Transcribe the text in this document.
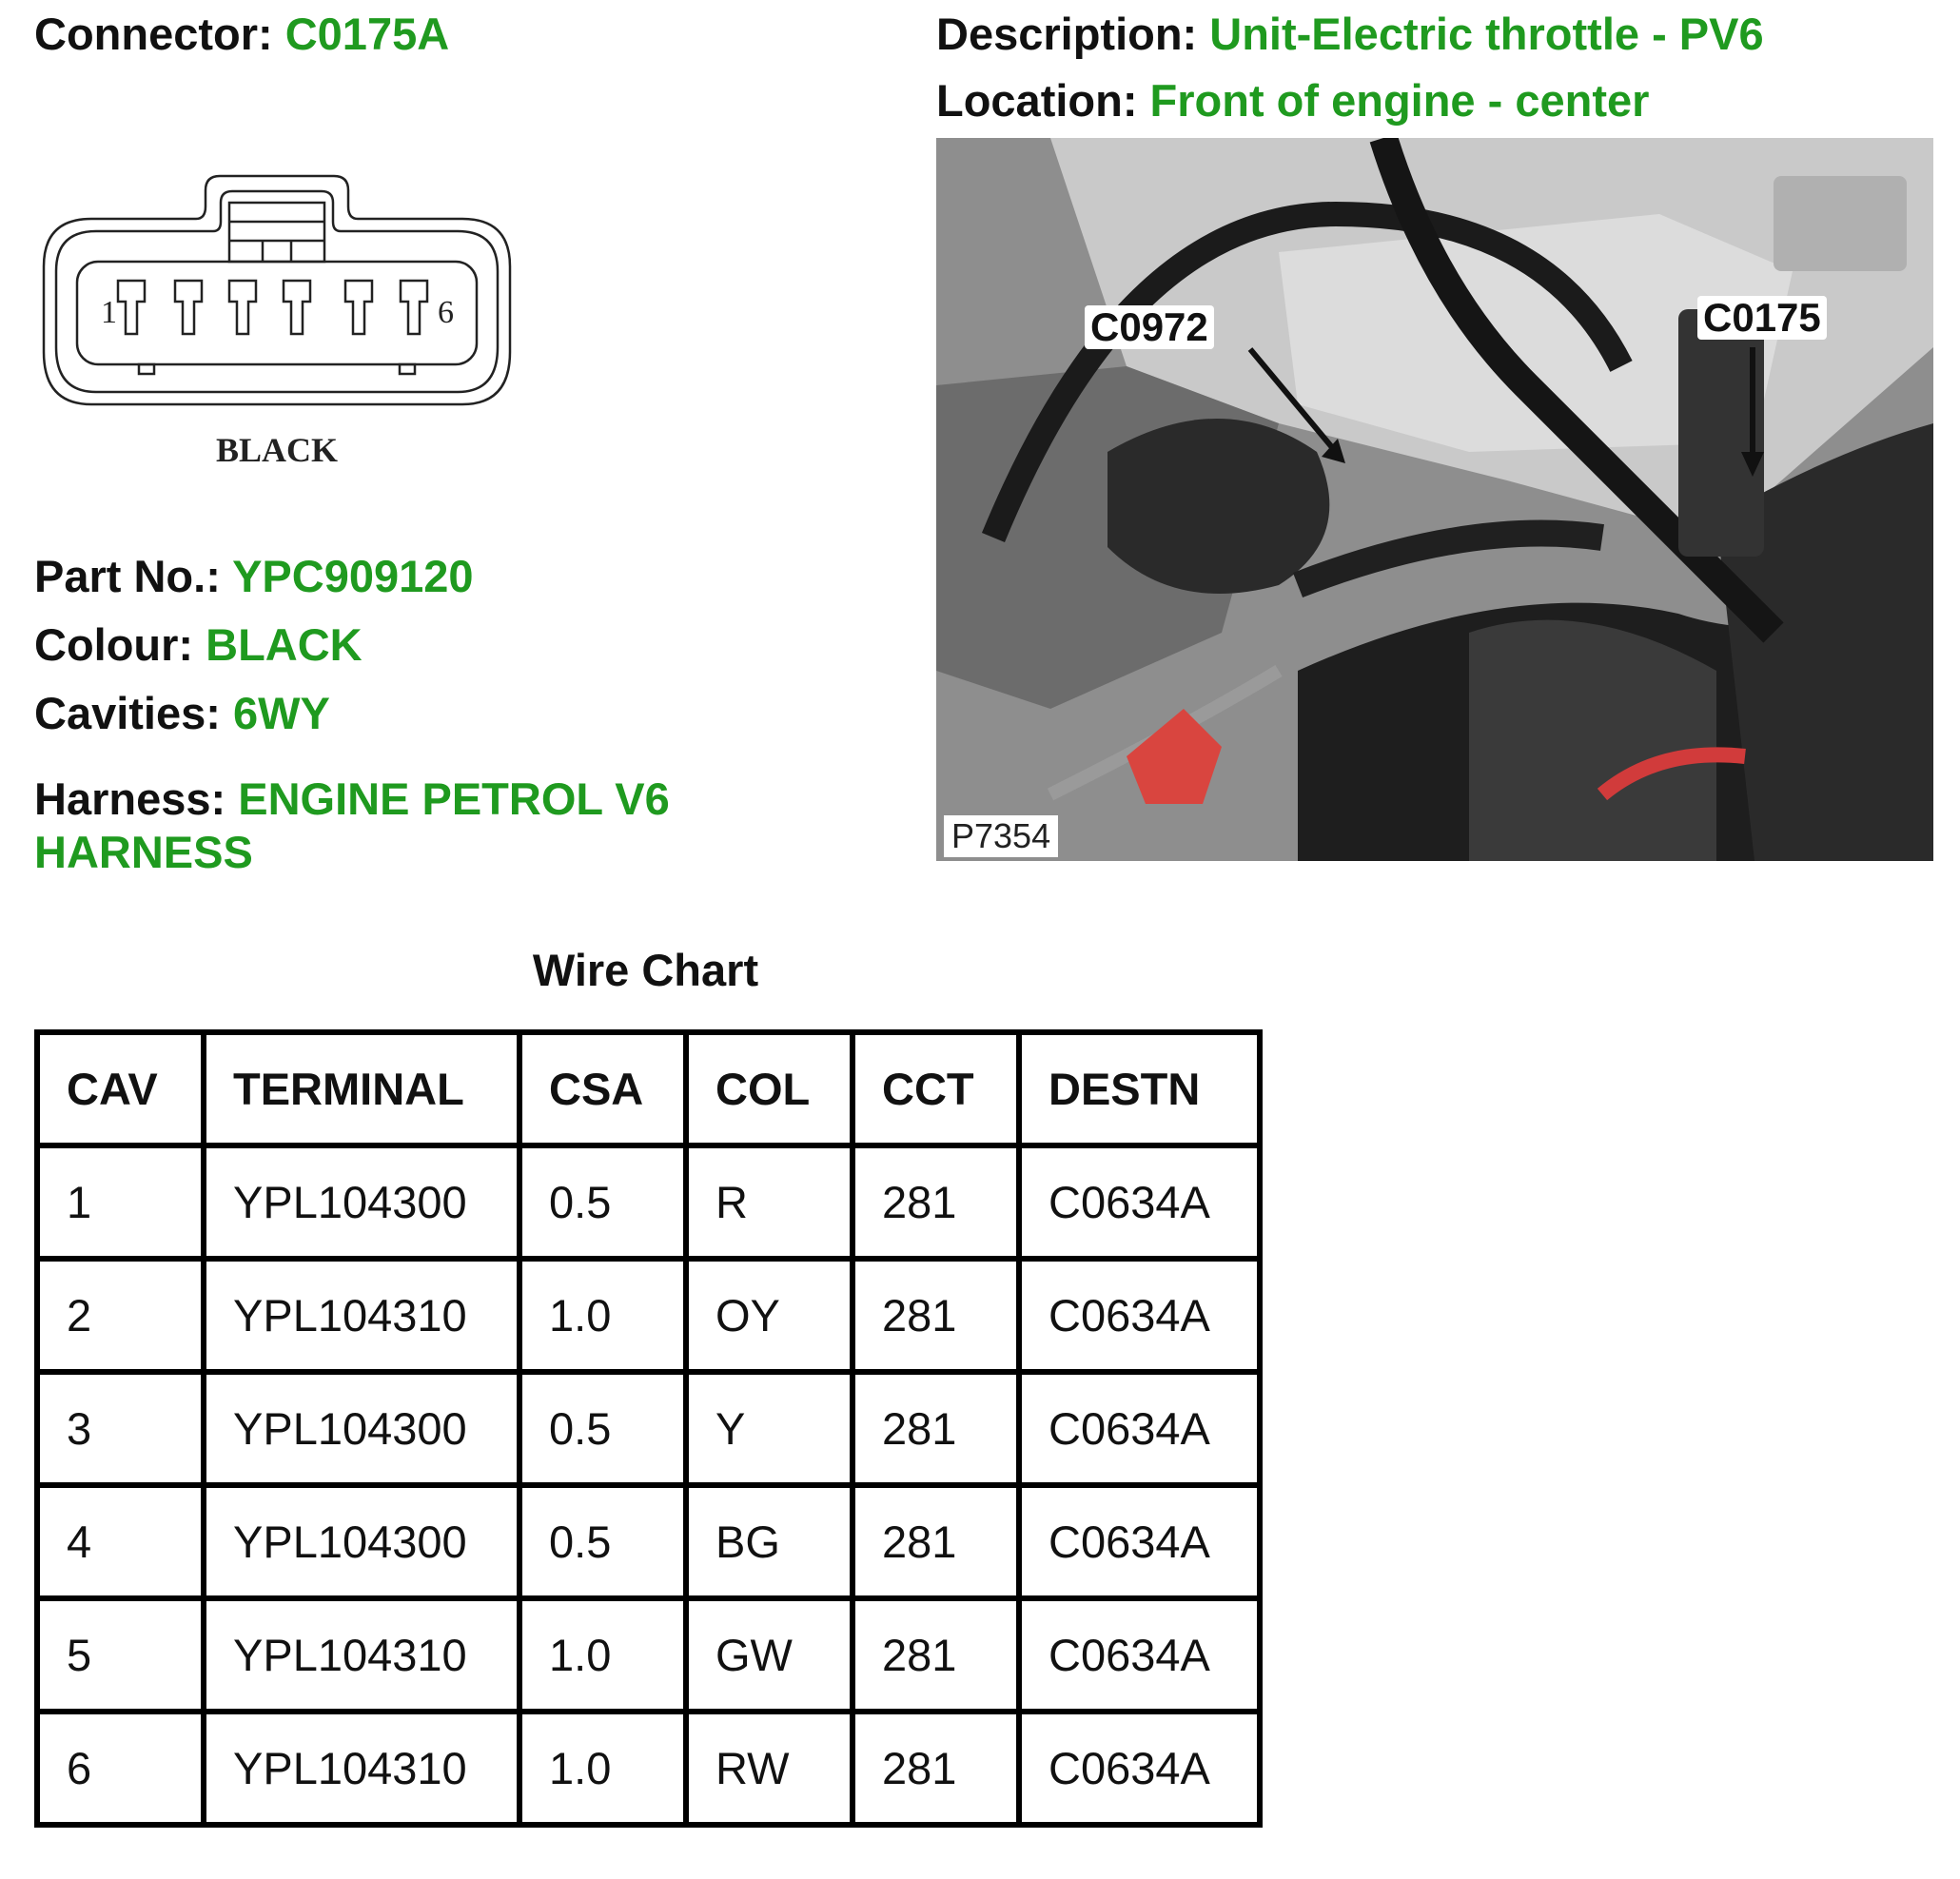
Connector: C0175A	Description: Unit-Electric throttle - PV6
Location: Front of engine - center
1	6
BLACK
C0972	C0175
P7354
Part No.: YPC909120
Colour: BLACK
Cavities: 6WY
Harness: ENGINE PETROL V6 HARNESS
Wire Chart
CAV	TERMINAL	CSA	COL	CCT	DESTN
1	YPL104300	0.5	R	281	C0634A
2	YPL104310	1.0	OY	281	C0634A
3	YPL104300	0.5	Y	281	C0634A
4	YPL104300	0.5	BG	281	C0634A
5	YPL104310	1.0	GW	281	C0634A
6	YPL104310	1.0	RW	281	C0634A
